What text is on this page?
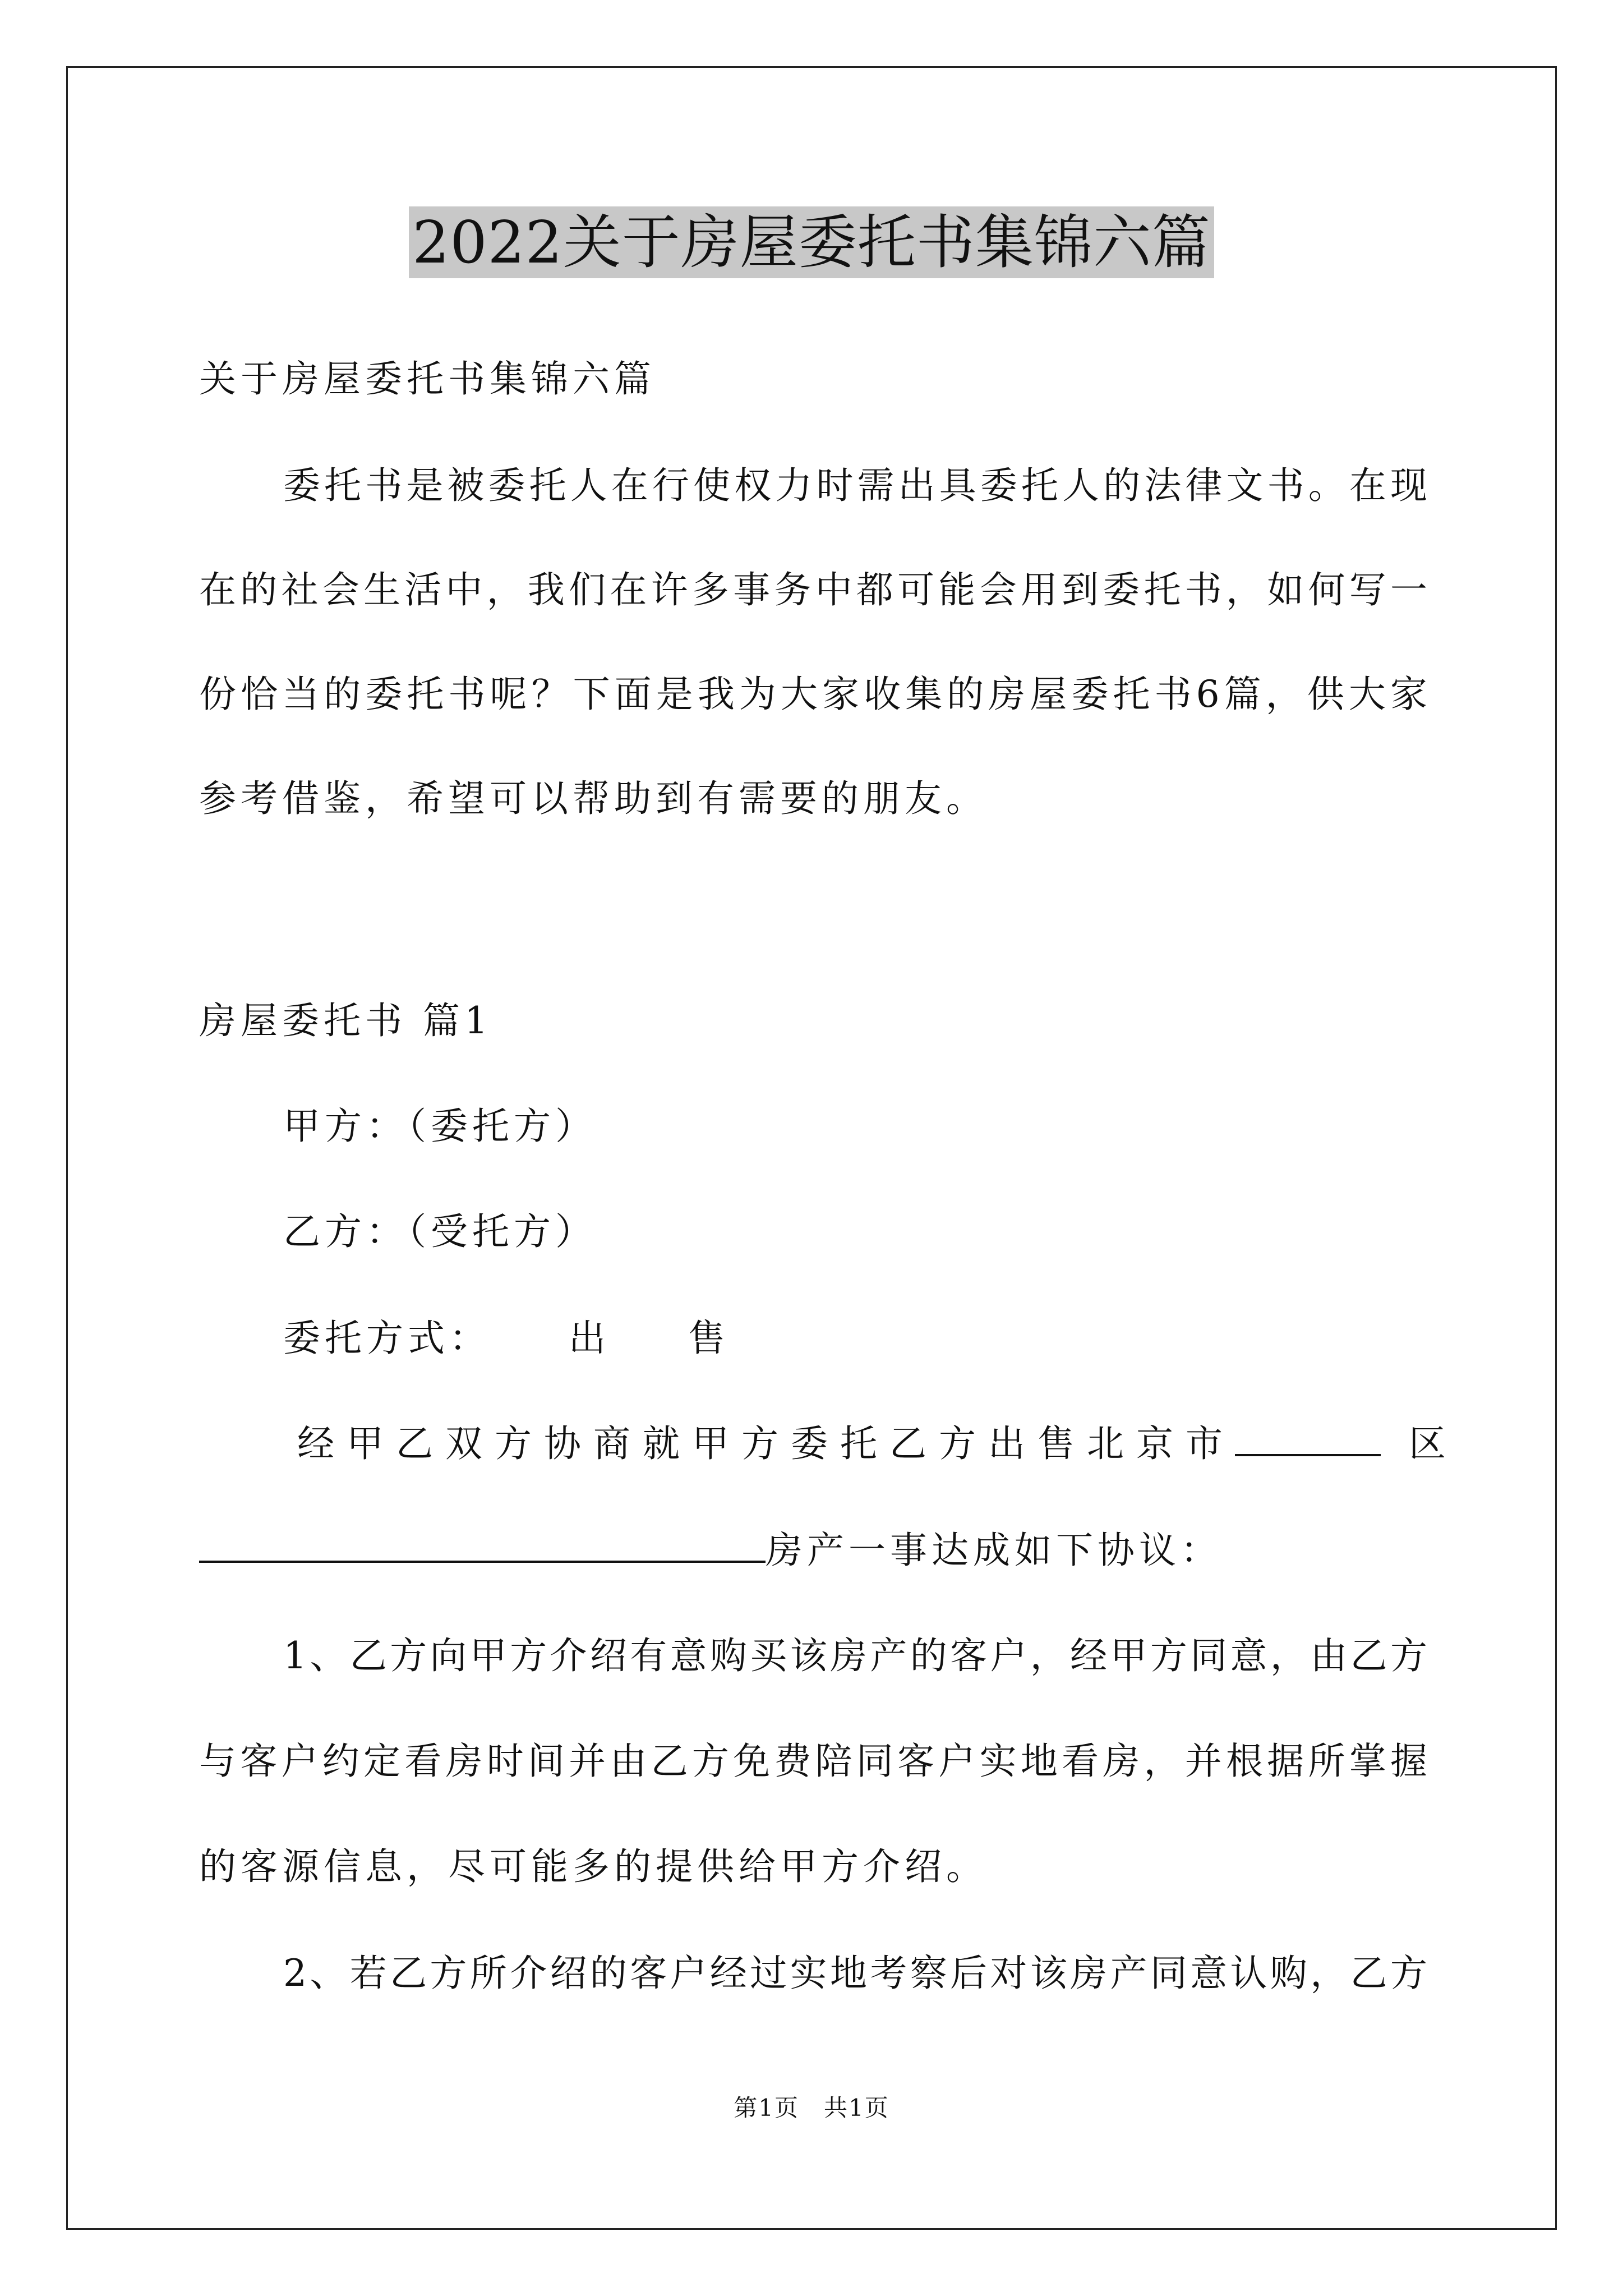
2022关于房屋委托书集锦六篇
关于房屋委托书集锦六篇
委托书是被委托人在行使权力时需出具委托人的法律文书。在现
在的社会生活中，我们在许多事务中都可能会用到委托书，如何写一
份恰当的委托书呢？下面是我为大家收集的房屋委托书6篇，供大家
参考借鉴，希望可以帮助到有需要的朋友。
房屋委托书 篇1
甲方：（委托方）
乙方：（受托方）
委托方式： 出 售
经甲乙双方协商就甲方委托乙方出售北京市	区
房产一事达成如下协议：
1、乙方向甲方介绍有意购买该房产的客户，经甲方同意，由乙方
与客户约定看房时间并由乙方免费陪同客户实地看房，并根据所掌握
的客源信息，尽可能多的提供给甲方介绍。
2、若乙方所介绍的客户经过实地考察后对该房产同意认购，乙方
第1页　共1页
